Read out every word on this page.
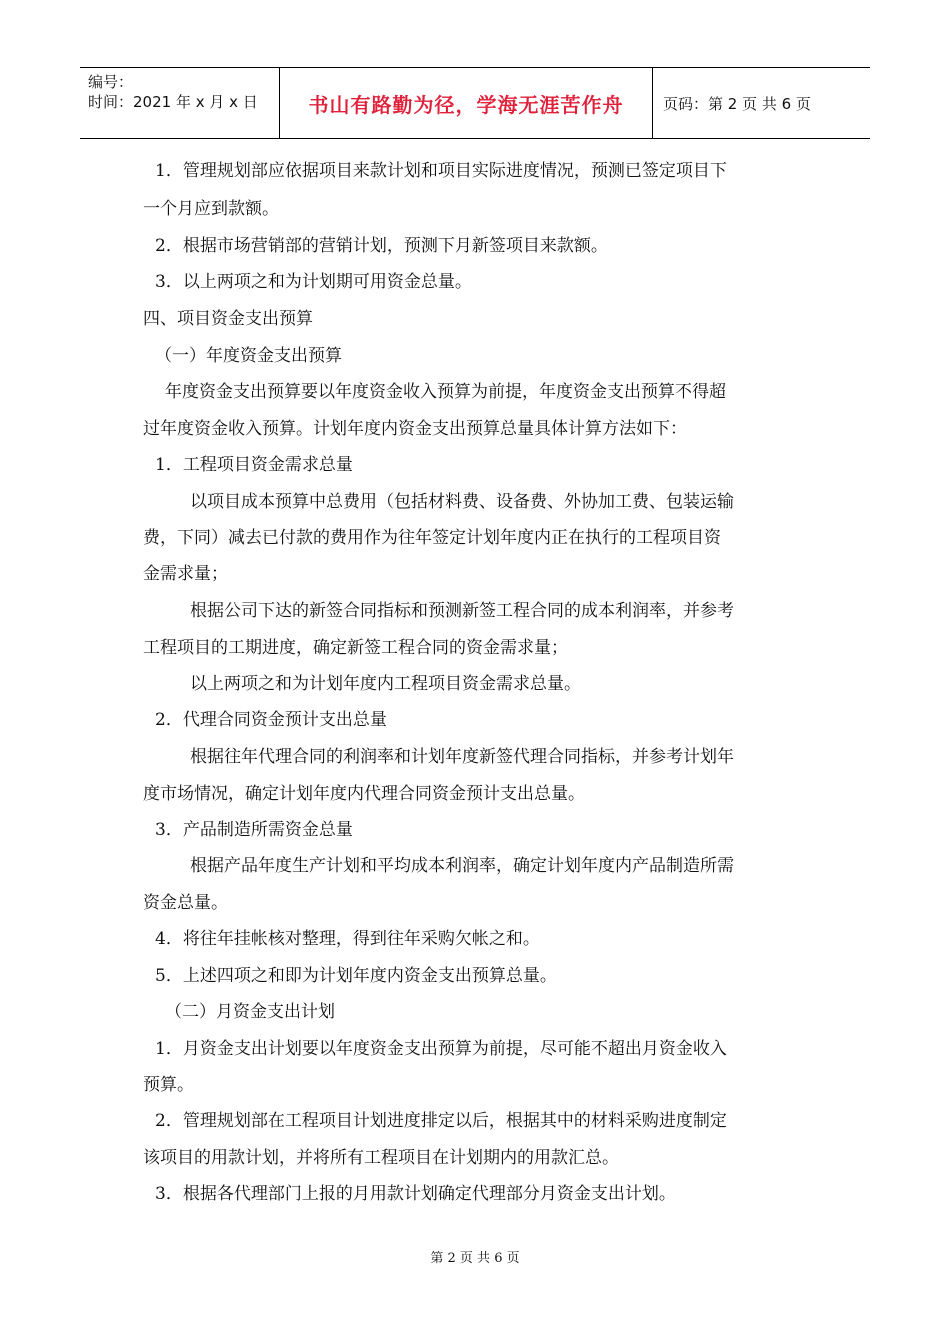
编号：
时间：2021 年 x 月 x 日	书山有路勤为径，学海无涯苦作舟	页码：第 2 页 共 6 页
1．管理规划部应依据项目来款计划和项目实际进度情况，预测已签定项目下
一个月应到款额。
2．根据市场营销部的营销计划，预测下月新签项目来款额。
3．以上两项之和为计划期可用资金总量。
四、项目资金支出预算
（一）年度资金支出预算
年度资金支出预算要以年度资金收入预算为前提，年度资金支出预算不得超
过年度资金收入预算。计划年度内资金支出预算总量具体计算方法如下：
1．工程项目资金需求总量
以项目成本预算中总费用（包括材料费、设备费、外协加工费、包装运输
费，下同）减去已付款的费用作为往年签定计划年度内正在执行的工程项目资
金需求量；
根据公司下达的新签合同指标和预测新签工程合同的成本利润率，并参考
工程项目的工期进度，确定新签工程合同的资金需求量；
以上两项之和为计划年度内工程项目资金需求总量。
2．代理合同资金预计支出总量
根据往年代理合同的利润率和计划年度新签代理合同指标，并参考计划年
度市场情况，确定计划年度内代理合同资金预计支出总量。
3．产品制造所需资金总量
根据产品年度生产计划和平均成本利润率，确定计划年度内产品制造所需
资金总量。
4．将往年挂帐核对整理，得到往年采购欠帐之和。
5．上述四项之和即为计划年度内资金支出预算总量。
（二）月资金支出计划
1．月资金支出计划要以年度资金支出预算为前提，尽可能不超出月资金收入
预算。
2．管理规划部在工程项目计划进度排定以后，根据其中的材料采购进度制定
该项目的用款计划，并将所有工程项目在计划期内的用款汇总。
3．根据各代理部门上报的月用款计划确定代理部分月资金支出计划。
第 2 页 共 6 页
